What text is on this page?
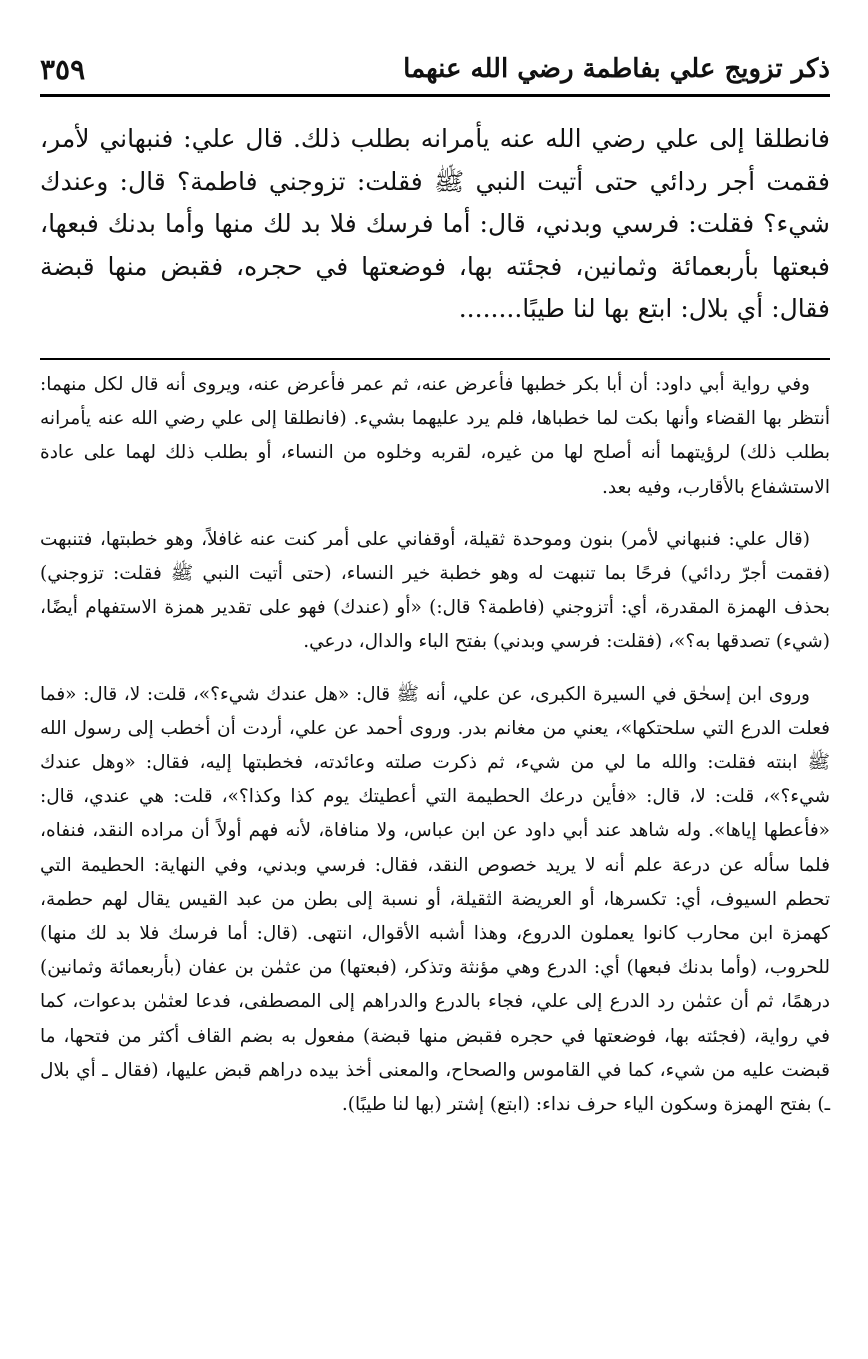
٣٥٩	ذكر تزويج علي بفاطمة رضي الله عنهما

فانطلقا إلى علي رضي الله عنه يأمرانه بطلب ذلك. قال علي: فنبهاني لأمر، فقمت أجر ردائي حتى أتيت النبي ﷺ فقلت: تزوجني فاطمة؟ قال: وعندك شيء؟ فقلت: فرسي وبدني، قال: أما فرسك فلا بد لك منها وأما بدنك فبعها، فبعتها بأربعمائة وثمانين، فجئته بها، فوضعتها في حجره، فقبض منها قبضة فقال: أي بلال: ابتع بها لنا طيبًا........

وفي رواية أبي داود: أن أبا بكر خطبها فأعرض عنه، ثم عمر فأعرض عنه، ويروى أنه قال لكل منهما: أنتظر بها القضاء وأنها بكت لما خطباها، فلم يرد عليهما بشيء. (فانطلقا إلى علي رضي الله عنه يأمرانه بطلب ذلك) لرؤيتهما أنه أصلح لها من غيره، لقربه وخلوه من النساء، أو بطلب ذلك لهما على عادة الاستشفاع بالأقارب، وفيه بعد.

(قال علي: فنبهاني لأمر) بنون وموحدة ثقيلة، أوقفاني على أمر كنت عنه غافلاً، وهو خطبتها، فتنبهت (فقمت أجرّ ردائي) فرحًا بما تنبهت له وهو خطبة خير النساء، (حتى أتيت النبي ﷺ فقلت: تزوجني) بحذف الهمزة المقدرة، أي: أتزوجني (فاطمة؟ قال:) «أو (عندك) فهو على تقدير همزة الاستفهام أيضًا، (شيء) تصدقها به؟»، (فقلت: فرسي وبدني) بفتح الباء والدال، درعي.

وروى ابن إسحٰق في السيرة الكبرى، عن علي، أنه ﷺ قال: «هل عندك شيء؟»، قلت: لا، قال: «فما فعلت الدرع التي سلحتكها»، يعني من مغانم بدر. وروى أحمد عن علي، أردت أن أخطب إلى رسول الله ﷺ ابنته فقلت: والله ما لي من شيء، ثم ذكرت صلته وعائدته، فخطبتها إليه، فقال: «وهل عندك شيء؟»، قلت: لا، قال: «فأين درعك الحطيمة التي أعطيتك يوم كذا وكذا؟»، قلت: هي عندي، قال: «فأعطها إياها». وله شاهد عند أبي داود عن ابن عباس، ولا منافاة، لأنه فهم أولاً أن مراده النقد، فنفاه، فلما سأله عن درعة علم أنه لا يريد خصوص النقد، فقال: فرسي وبدني، وفي النهاية: الحطيمة التي تحطم السيوف، أي: تكسرها، أو العريضة الثقيلة، أو نسبة إلى بطن من عبد القيس يقال لهم حطمة، كهمزة ابن محارب كانوا يعملون الدروع، وهذا أشبه الأقوال، انتهى. (قال: أما فرسك فلا بد لك منها) للحروب، (وأما بدنك فبعها) أي: الدرع وهي مؤنثة وتذكر، (فبعتها) من عثمٰن بن عفان (بأربعمائة وثمانين) درهمًا، ثم أن عثمٰن رد الدرع إلى علي، فجاء بالدرع والدراهم إلى المصطفى، فدعا لعثمٰن بدعوات، كما في رواية، (فجئته بها، فوضعتها في حجره فقبض منها قبضة) مفعول به بضم القاف أكثر من فتحها، ما قبضت عليه من شيء، كما في القاموس والصحاح، والمعنى أخذ بيده دراهم قبض عليها، (فقال ـ أي بلال ـ) بفتح الهمزة وسكون الياء حرف نداء: (ابتع) إشتر (بها لنا طيبًا).
